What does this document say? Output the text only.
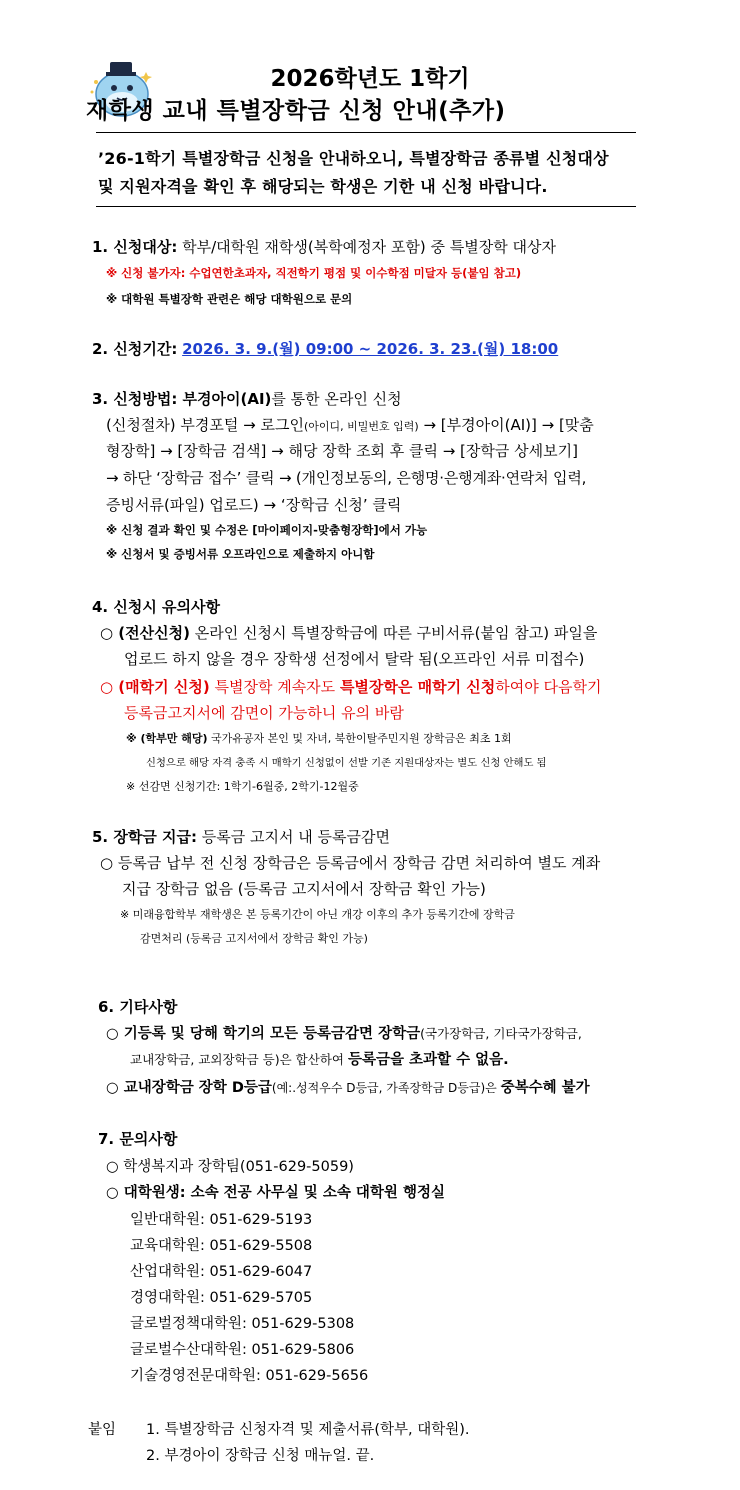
2026학년도 1학기
재학생 교내 특별장학금 신청 안내(추가)
’26-1학기 특별장학금 신청을 안내하오니, 특별장학금 종류별 신청대상
및 지원자격을 확인 후 해당되는 학생은 기한 내 신청 바랍니다.
1. 신청대상: 학부/대학원 재학생(복학예정자 포함) 중 특별장학 대상자
※ 신청 불가자: 수업연한초과자, 직전학기 평점 및 이수학점 미달자 등(붙임 참고)
※ 대학원 특별장학 관련은 해당 대학원으로 문의
2. 신청기간: 2026. 3. 9.(월) 09:00 ~ 2026. 3. 23.(월) 18:00
3. 신청방법: 부경아이(AI)를 통한 온라인 신청
(신청절차) 부경포털 → 로그인(아이디, 비밀번호 입력) → [부경아이(AI)] → [맞춤
형장학] → [장학금 검색] → 해당 장학 조회 후 클릭 → [장학금 상세보기]
→ 하단 ‘장학금 접수’ 클릭 → (개인정보동의, 은행명·은행계좌·연락처 입력,
증빙서류(파일) 업로드) → ‘장학금 신청’ 클릭
※ 신청 결과 확인 및 수정은 [마이페이지-맞춤형장학]에서 가능
※ 신청서 및 증빙서류 오프라인으로 제출하지 아니함
4. 신청시 유의사항
○ (전산신청) 온라인 신청시 특별장학금에 따른 구비서류(붙임 참고) 파일을
업로드 하지 않을 경우 장학생 선정에서 탈락 됨(오프라인 서류 미접수)
○ (매학기 신청) 특별장학 계속자도 특별장학은 매학기 신청하여야 다음학기
등록금고지서에 감면이 가능하니 유의 바람
※ (학부만 해당) 국가유공자 본인 및 자녀, 북한이탈주민지원 장학금은 최초 1회
신청으로 해당 자격 충족 시 매학기 신청없이 선발 기존 지원대상자는 별도 신청 안해도 됨
※ 선감면 신청기간: 1학기-6월중, 2학기-12월중
5. 장학금 지급: 등록금 고지서 내 등록금감면
○ 등록금 납부 전 신청 장학금은 등록금에서 장학금 감면 처리하여 별도 계좌
지급 장학금 없음 (등록금 고지서에서 장학금 확인 가능)
※ 미래융합학부 재학생은 본 등록기간이 아닌 개강 이후의 추가 등록기간에 장학금
감면처리 (등록금 고지서에서 장학금 확인 가능)
6. 기타사항
○ 기등록 및 당해 학기의 모든 등록금감면 장학금(국가장학금, 기타국가장학금,
교내장학금, 교외장학금 등)은 합산하여 등록금을 초과할 수 없음.
○ 교내장학금 장학 D등급(예:.성적우수 D등급, 가족장학금 D등급)은 중복수혜 불가
7. 문의사항
○ 학생복지과 장학팀(051-629-5059)
○ 대학원생: 소속 전공 사무실 및 소속 대학원 행정실
일반대학원: 051-629-5193
교육대학원: 051-629-5508
산업대학원: 051-629-6047
경영대학원: 051-629-5705
글로벌정책대학원: 051-629-5308
글로벌수산대학원: 051-629-5806
기술경영전문대학원: 051-629-5656
붙임 1. 특별장학금 신청자격 및 제출서류(학부, 대학원).
2. 부경아이 장학금 신청 매뉴얼. 끝.
